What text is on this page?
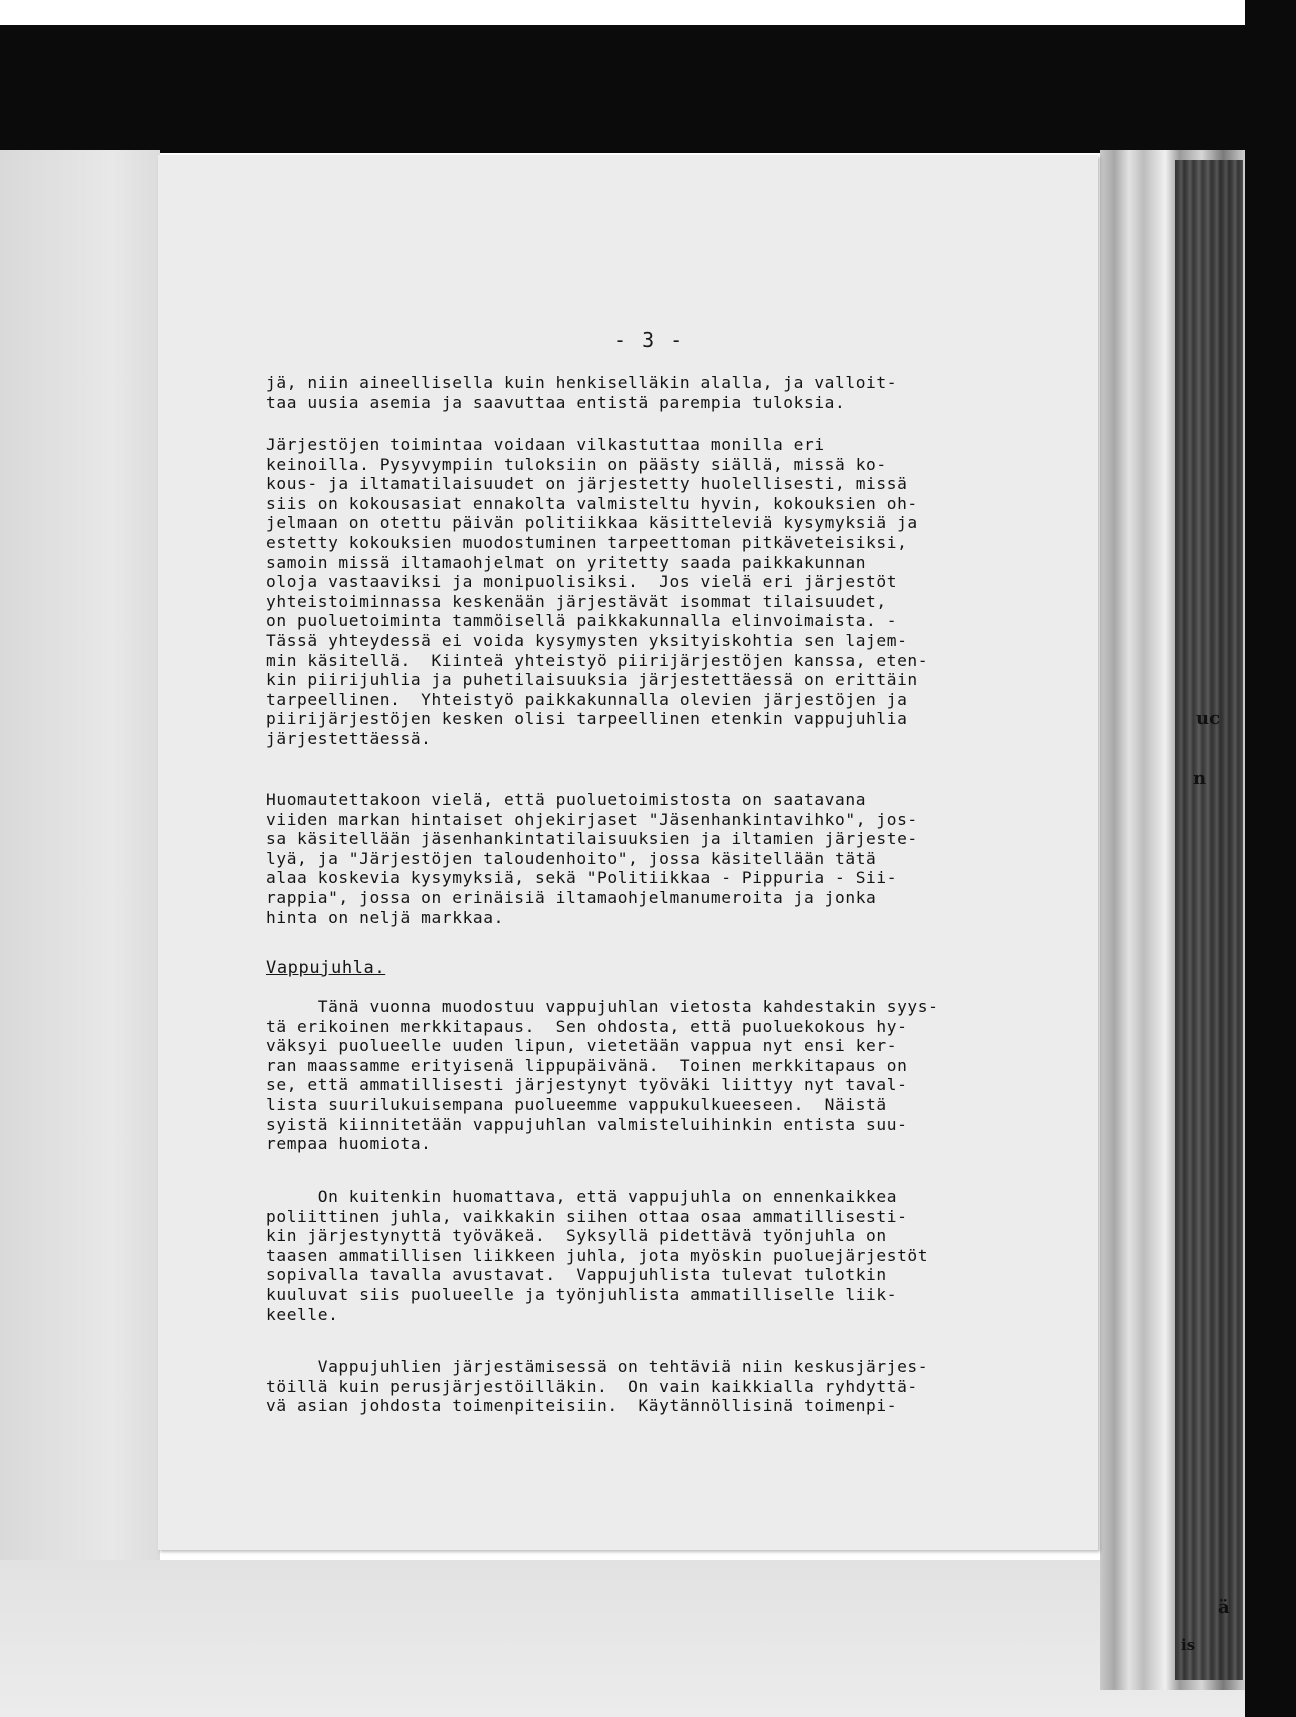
uc
n
ä
is
- 3 -

jä, niin aineellisella kuin henkiselläkin alalla, ja valloit-
taa uusia asemia ja saavuttaa entistä parempia tuloksia.

Järjestöjen toimintaa voidaan vilkastuttaa monilla eri
keinoilla. Pysyvympiin tuloksiin on päästy siällä, missä ko-
kous- ja iltamatilaisuudet on järjestetty huolellisesti, missä
siis on kokousasiat ennakolta valmisteltu hyvin, kokouksien oh-
jelmaan on otettu päivän politiikkaa käsitteleviä kysymyksiä ja
estetty kokouksien muodostuminen tarpeettoman pitkäveteisiksi,
samoin missä iltamaohjelmat on yritetty saada paikkakunnan
oloja vastaaviksi ja monipuolisiksi.  Jos vielä eri järjestöt
yhteistoiminnassa keskenään järjestävät isommat tilaisuudet,
on puoluetoiminta tammöisellä paikkakunnalla elinvoimaista. -
Tässä yhteydessä ei voida kysymysten yksityiskohtia sen lajem-
min käsitellä.  Kiinteä yhteistyö piirijärjestöjen kanssa, eten-
kin piirijuhlia ja puhetilaisuuksia järjestettäessä on erittäin
tarpeellinen.  Yhteistyö paikkakunnalla olevien järjestöjen ja
piirijärjestöjen kesken olisi tarpeellinen etenkin vappujuhlia
järjestettäessä.

Huomautettakoon vielä, että puoluetoimistosta on saatavana
viiden markan hintaiset ohjekirjaset "Jäsenhankintavihko", jos-
sa käsitellään jäsenhankintatilaisuuksien ja iltamien järjeste-
lyä, ja "Järjestöjen taloudenhoito", jossa käsitellään tätä
alaa koskevia kysymyksiä, sekä "Politiikkaa - Pippuria - Sii-
rappia", jossa on erinäisiä iltamaohjelmanumeroita ja jonka
hinta on neljä markkaa.

Vappujuhla.

Tänä vuonna muodostuu vappujuhlan vietosta kahdestakin syys-
tä erikoinen merkkitapaus.  Sen ohdosta, että puoluekokous hy-
väksyi puolueelle uuden lipun, vietetään vappua nyt ensi ker-
ran maassamme erityisenä lippupäivänä.  Toinen merkkitapaus on
se, että ammatillisesti järjestynyt työväki liittyy nyt taval-
lista suurilukuisempana puolueemme vappukulkueeseen.  Näistä
syistä kiinnitetään vappujuhlan valmisteluihinkin entista suu-
rempaa huomiota.

On kuitenkin huomattava, että vappujuhla on ennenkaikkea
poliittinen juhla, vaikkakin siihen ottaa osaa ammatillisesti-
kin järjestynyttä työväkeä.  Syksyllä pidettävä työnjuhla on
taasen ammatillisen liikkeen juhla, jota myöskin puoluejärjestöt
sopivalla tavalla avustavat.  Vappujuhlista tulevat tulotkin
kuuluvat siis puolueelle ja työnjuhlista ammatilliselle liik-
keelle.

Vappujuhlien järjestämisessä on tehtäviä niin keskusjärjes-
töillä kuin perusjärjestöilläkin.  On vain kaikkialla ryhdyttä-
vä asian johdosta toimenpiteisiin.  Käytännöllisinä toimenpi-
